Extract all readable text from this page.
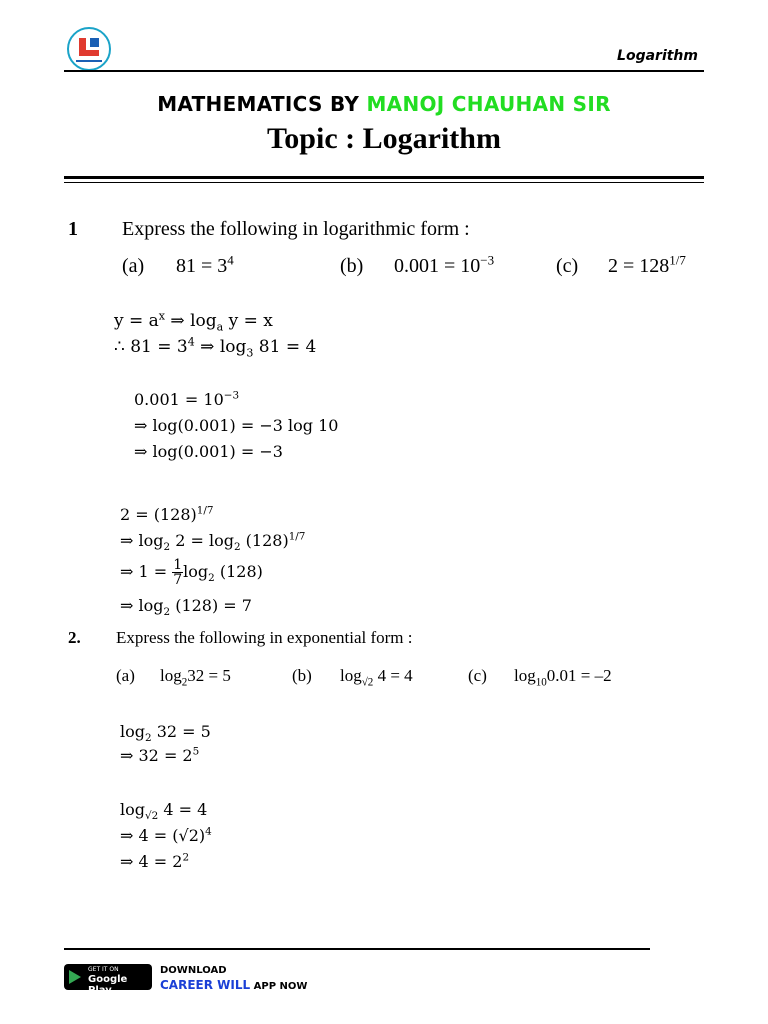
Logarithm
MATHEMATICS BY MANOJ CHAUHAN SIR
Topic : Logarithm
1 Express the following in logarithmic form :
(a) $81 = 3^4$	(b) $0.001 = 10^{-3}$	(c) $2 = 128^{1/7}$
$y = a^x$ ⇒ $\log_a y = x$
∴ $81 = 3^4$ ⇒ $\log_3 81 = 4$
$0.001 = 10^{-3}$
⇒ log(0.001) = −3 log 10
⇒ log(0.001) = −3
$2 = (128)^{1/7}$
⇒ $\log_2 2 = \log_2 (128)^{1/7}$
⇒ $1 = \frac{1}{7} \log_2 (128)$
⇒ $\log_2 (128) = 7$
2. Express the following in exponential form :
(a) $\log_232 = 5$	(b) $\log_{√2} 4 = 4$	(c) $\log_{10}0.01 = -2$
$\log_2 32 = 5$
⇒ $32 = 2^5$
$\log_{√2} 4 = 4$
⇒ $4 = (√2)^4$
⇒ $4 = 2^2$
GET IT ON
Google Play
DOWNLOAD
CAREER WILL APP NOW
